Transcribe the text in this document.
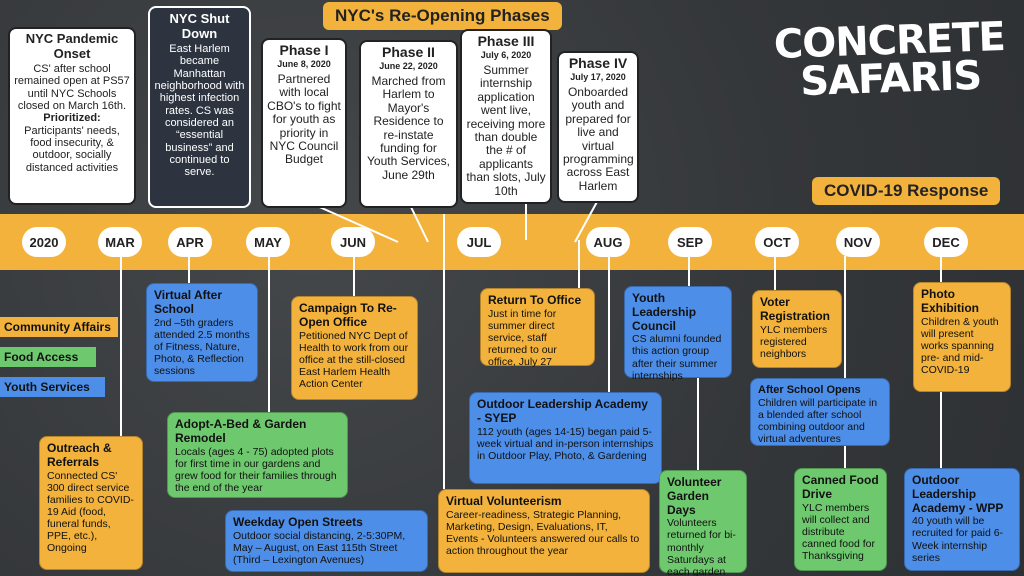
2020	MAR	APR	MAY	JUN	JUL	AUG	SEP	OCT	NOV	DEC
NYC's Re-Opening Phases
COVID-19 Response
CONCRETE
SAFARIS
NYC Pandemic Onset
CS' after school remained open at PS57 until NYC Schools closed on March 16th.
Prioritized:
Participants' needs, food insecurity, & outdoor, socially distanced activities
NYC Shut Down
East Harlem became Manhattan neighborhood with highest infection rates. CS was considered an “essential business” and continued to serve.
Phase I
June 8, 2020
Partnered with local CBO's to fight for youth as priority in NYC Council Budget
Phase II
June 22, 2020
Marched from Harlem to Mayor's Residence to re-instate funding for Youth Services, June 29th
Phase III
July 6, 2020
Summer internship application went live, receiving more than double the # of applicants than slots, July 10th
Phase IV
July 17, 2020
Onboarded youth and prepared for live and virtual programming across East Harlem
Community Affairs
Food Access
Youth Services
Virtual After School
2nd –5th graders attended 2.5 months of Fitness, Nature, Photo, & Reflection sessions
Campaign To Re-Open Office
Petitioned NYC Dept of Health to work from our office at the still-closed East Harlem Health Action Center
Return To Office
Just in time for summer direct service, staff returned to our office, July 27
Youth Leadership Council
CS alumni founded this action group after their summer internships
Voter Registration
YLC members registered neighbors
Photo Exhibition
Children & youth will present works spanning pre- and mid-COVID-19
Outreach & Referrals
Connected CS' 300 direct service families to COVID-19 Aid (food, funeral funds, PPE, etc.), Ongoing
Adopt-A-Bed & Garden Remodel
Locals (ages 4 - 75) adopted plots for first time in our gardens and grew food for their families through the end of the year
Outdoor Leadership Academy - SYEP
112 youth (ages 14-15) began paid 5-week virtual and in-person internships in Outdoor Play, Photo, & Gardening
After School Opens
Children will participate in a blended after school combining outdoor and virtual adventures
Weekday Open Streets
Outdoor social distancing, 2-5:30PM, May – August, on East 115th Street (Third – Lexington Avenues)
Virtual Volunteerism
Career-readiness, Strategic Planning, Marketing, Design, Evaluations, IT, Events - Volunteers answered our calls to action throughout the year
Volunteer Garden Days
Volunteers returned for bi-monthly Saturdays at each garden
Canned Food Drive
YLC members will collect and distribute canned food for Thanksgiving
Outdoor Leadership Academy - WPP
40 youth will be recruited for paid 6-Week internship series
